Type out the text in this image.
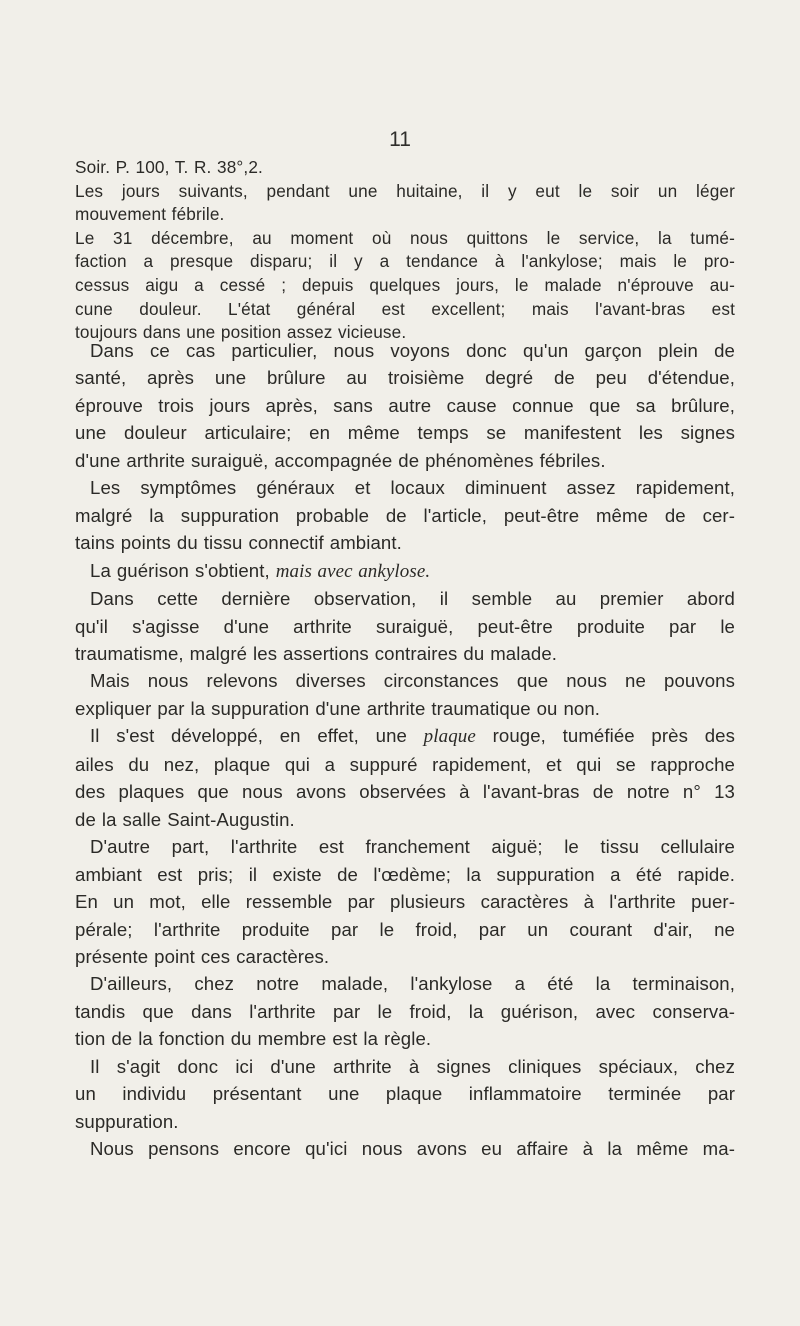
11
Soir. P. 100, T. R. 38°,2.
Les jours suivants, pendant une huitaine, il y eut le soir un léger
mouvement fébrile.
Le 31 décembre, au moment où nous quittons le service, la tumé-
faction a presque disparu; il y a tendance à l'ankylose; mais le pro-
cessus aigu a cessé ; depuis quelques jours, le malade n'éprouve au-
cune douleur. L'état général est excellent; mais l'avant-bras est
toujours dans une position assez vicieuse.
Dans ce cas particulier, nous voyons donc qu'un garçon plein de
santé, après une brûlure au troisième degré de peu d'étendue,
éprouve trois jours après, sans autre cause connue que sa brûlure,
une douleur articulaire; en même temps se manifestent les signes
d'une arthrite suraiguë, accompagnée de phénomènes fébriles.
Les symptômes généraux et locaux diminuent assez rapidement,
malgré la suppuration probable de l'article, peut-être même de cer-
tains points du tissu connectif ambiant.
La guérison s'obtient, mais avec ankylose.
Dans cette dernière observation, il semble au premier abord
qu'il s'agisse d'une arthrite suraiguë, peut-être produite par le
traumatisme, malgré les assertions contraires du malade.
Mais nous relevons diverses circonstances que nous ne pouvons
expliquer par la suppuration d'une arthrite traumatique ou non.
Il s'est développé, en effet, une plaque rouge, tuméfiée près des
ailes du nez, plaque qui a suppuré rapidement, et qui se rapproche
des plaques que nous avons observées à l'avant-bras de notre n° 13
de la salle Saint-Augustin.
D'autre part, l'arthrite est franchement aiguë; le tissu cellulaire
ambiant est pris; il existe de l'œdème; la suppuration a été rapide.
En un mot, elle ressemble par plusieurs caractères à l'arthrite puer-
pérale; l'arthrite produite par le froid, par un courant d'air, ne
présente point ces caractères.
D'ailleurs, chez notre malade, l'ankylose a été la terminaison,
tandis que dans l'arthrite par le froid, la guérison, avec conserva-
tion de la fonction du membre est la règle.
Il s'agit donc ici d'une arthrite à signes cliniques spéciaux, chez
un individu présentant une plaque inflammatoire terminée par
suppuration.
Nous pensons encore qu'ici nous avons eu affaire à la même ma-
